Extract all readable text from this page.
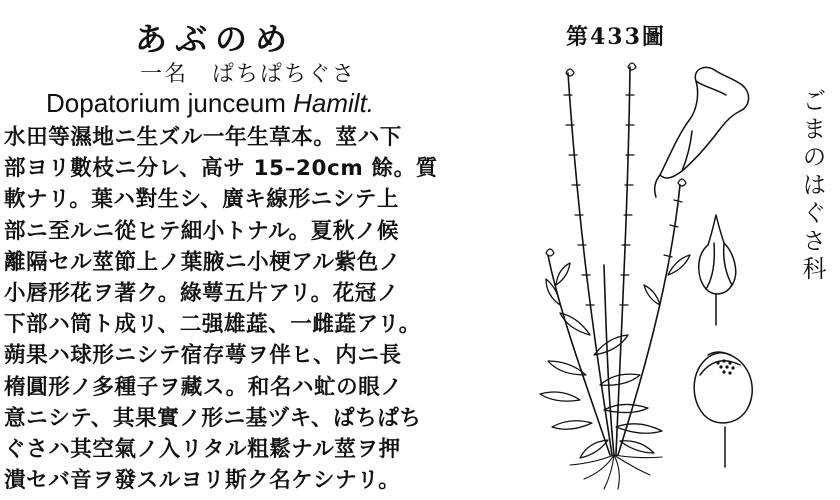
あぶのめ
一名　ぱちぱちぐさ
Dopatorium junceum Hamilt.
水田等濕地ニ生ズル一年生草本。莖ハ下
部ヨリ數枝ニ分レ、高サ 15–20cm 餘。質
軟ナリ。葉ハ對生シ、廣キ線形ニシテ上
部ニ至ルニ從ヒテ細小トナル。夏秋ノ候
離隔セル莖節上ノ葉腋ニ小梗アル紫色ノ
小唇形花ヲ著ク。綠萼五片アリ。花冠ノ
下部ハ筒ト成リ、二强雄蕋、一雌蕋アリ。
蒴果ハ球形ニシテ宿存萼ヲ伴ヒ、内ニ長
楕圓形ノ多種子ヲ藏ス。和名ハ虻の眼ノ
意ニシテ、其果實ノ形ニ基ヅキ、ぱちぱち
ぐさハ其空氣ノ入リタル粗鬆ナル莖ヲ押
潰セバ音ヲ發スルヨリ斯ク名ケシナリ。
第433圖
ごまのはぐさ科
